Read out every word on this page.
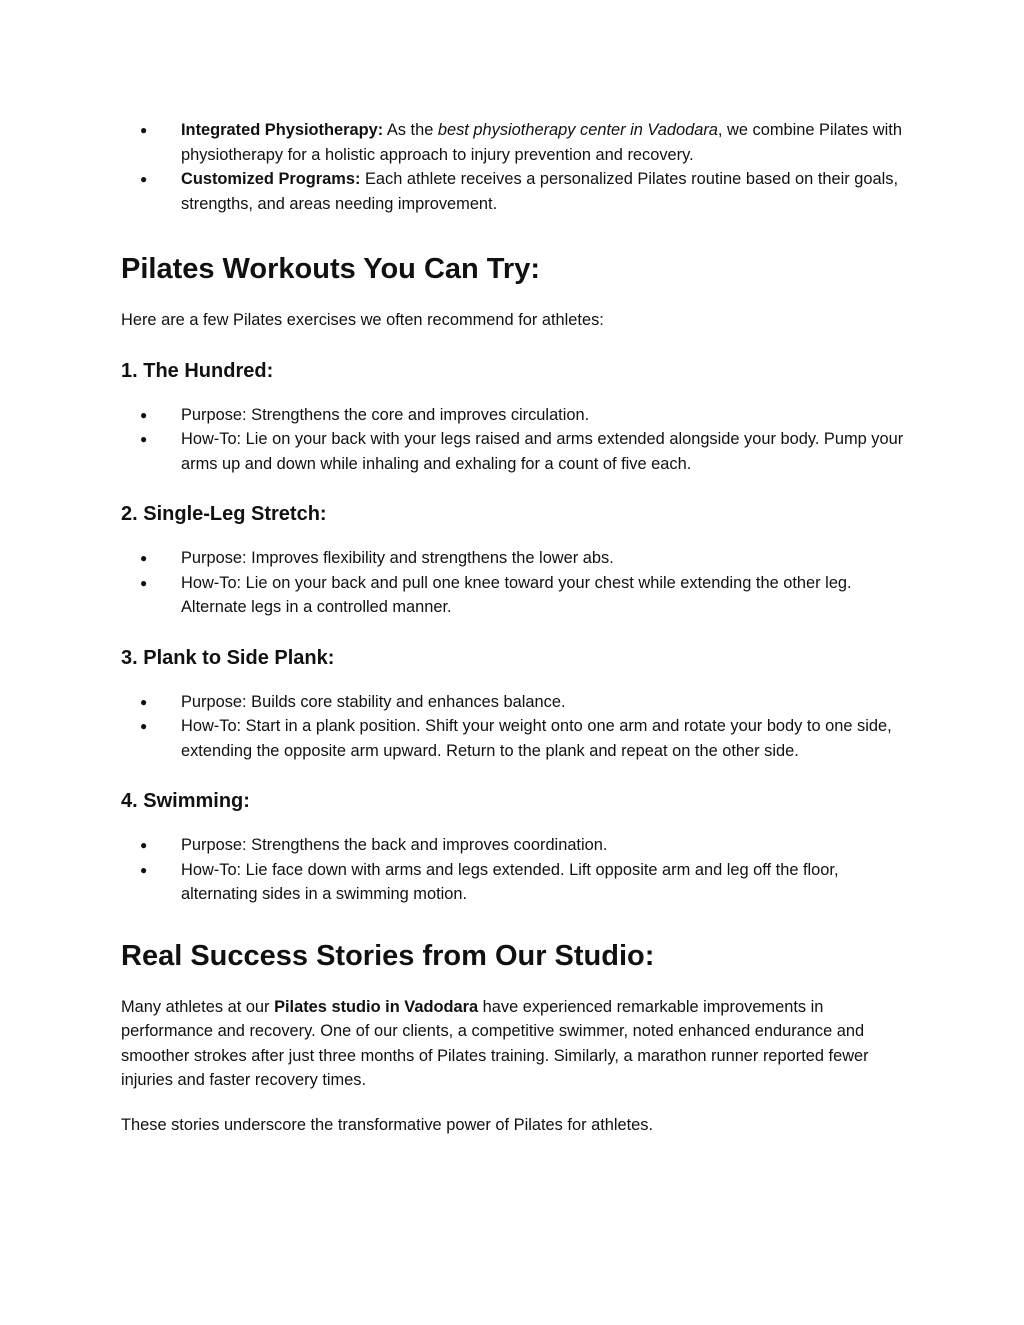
● Integrated Physiotherapy: As the best physiotherapy center in Vadodara, we combine Pilates with physiotherapy for a holistic approach to injury prevention and recovery.
● Customized Programs: Each athlete receives a personalized Pilates routine based on their goals, strengths, and areas needing improvement.
Pilates Workouts You Can Try:

Here are a few Pilates exercises we often recommend for athletes:

1. The Hundred:
● Purpose: Strengthens the core and improves circulation.
● How-To: Lie on your back with your legs raised and arms extended alongside your body. Pump your arms up and down while inhaling and exhaling for a count of five each.
2. Single-Leg Stretch:
● Purpose: Improves flexibility and strengthens the lower abs.
● How-To: Lie on your back and pull one knee toward your chest while extending the other leg. Alternate legs in a controlled manner.
3. Plank to Side Plank:
● Purpose: Builds core stability and enhances balance.
● How-To: Start in a plank position. Shift your weight onto one arm and rotate your body to one side, extending the opposite arm upward. Return to the plank and repeat on the other side.
4. Swimming:
● Purpose: Strengthens the back and improves coordination.
● How-To: Lie face down with arms and legs extended. Lift opposite arm and leg off the floor, alternating sides in a swimming motion.
Real Success Stories from Our Studio:

Many athletes at our Pilates studio in Vadodara have experienced remarkable improvements in performance and recovery. One of our clients, a competitive swimmer, noted enhanced endurance and smoother strokes after just three months of Pilates training. Similarly, a marathon runner reported fewer injuries and faster recovery times.

These stories underscore the transformative power of Pilates for athletes.
